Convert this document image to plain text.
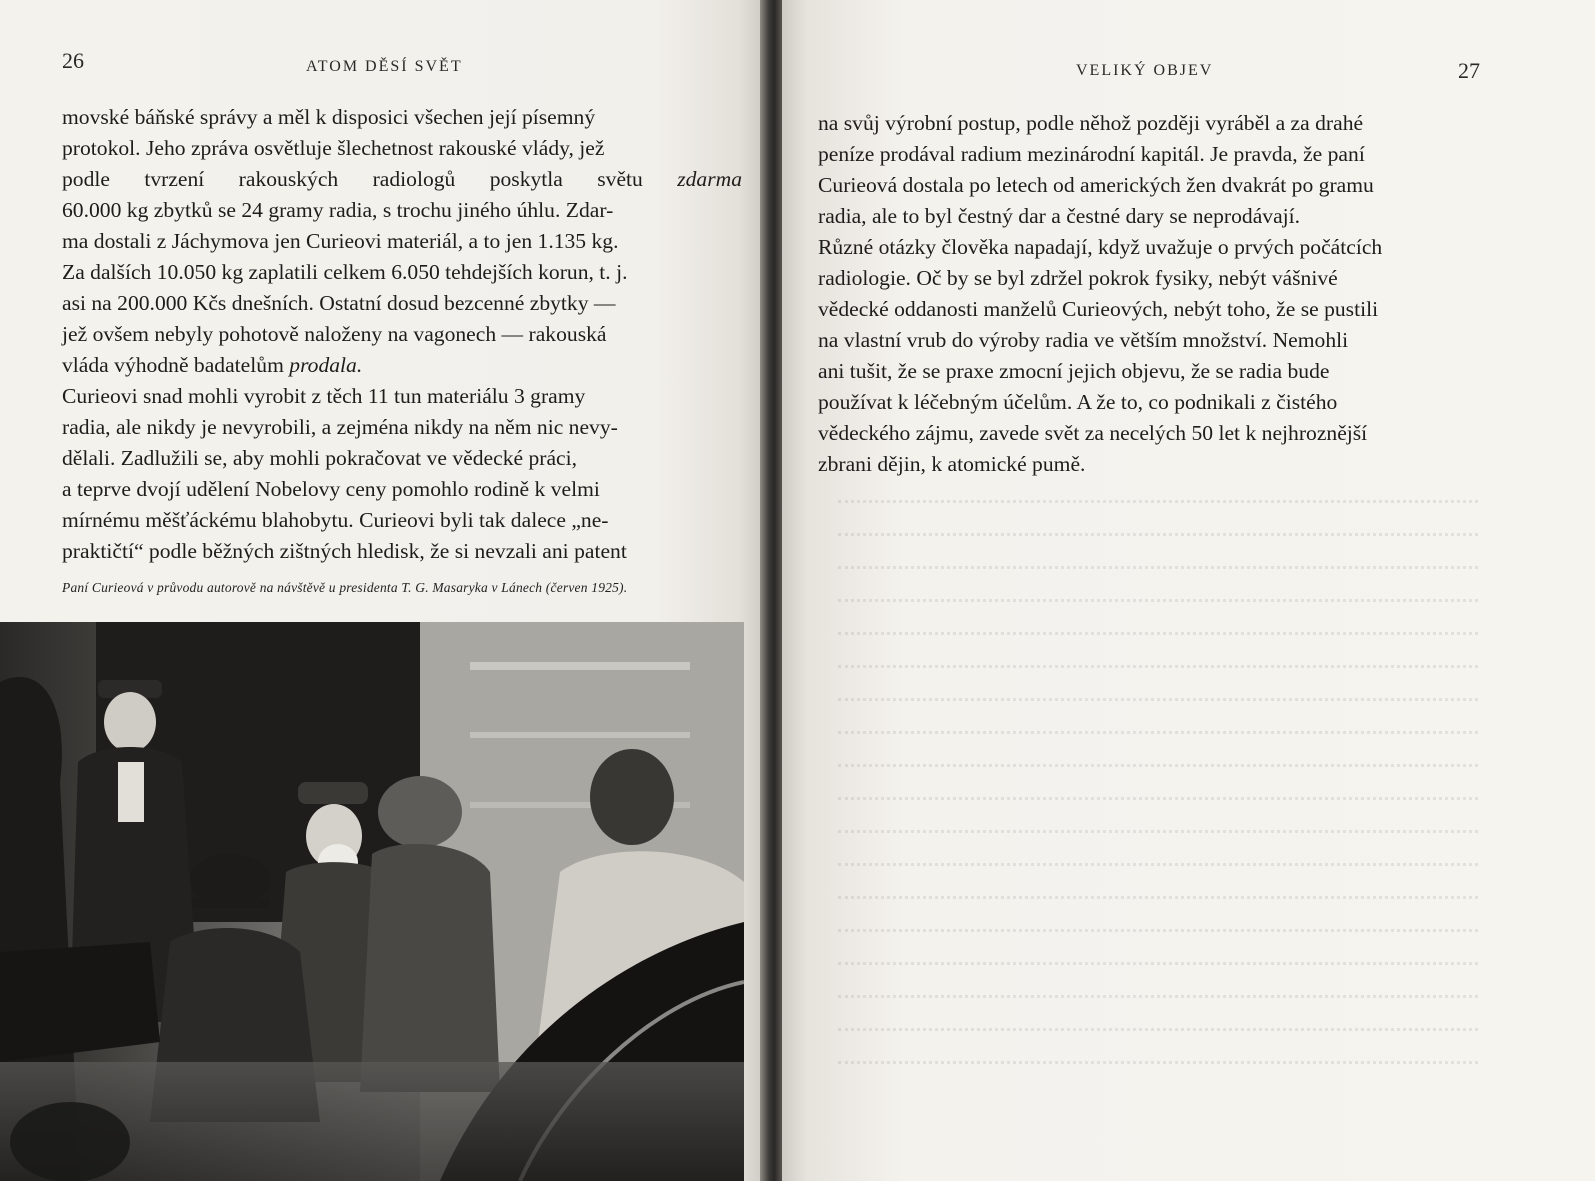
26	ATOM DĚSÍ SVĚT

movské báňské správy a měl k disposici všechen její písemný
protokol. Jeho zpráva osvětluje šlechetnost rakouské vlády, jež
podle tvrzení rakouských radiologů poskytla světu zdarma
60.000 kg zbytků se 24 gramy radia, s trochu jiného úhlu. Zdar-
ma dostali z Jáchymova jen Curieovi materiál, a to jen 1.135 kg.
Za dalších 10.050 kg zaplatili celkem 6.050 tehdejších korun, t. j.
asi na 200.000 Kčs dnešních. Ostatní dosud bezcenné zbytky —
jež ovšem nebyly pohotově naloženy na vagonech — rakouská
vláda výhodně badatelům prodala.

Curieovi snad mohli vyrobit z těch 11 tun materiálu 3 gramy
radia, ale nikdy je nevyrobili, a zejména nikdy na něm nic nevy-
dělali. Zadlužili se, aby mohli pokračovat ve vědecké práci,
a teprve dvojí udělení Nobelovy ceny pomohlo rodině k velmi
mírnému měšťáckému blahobytu. Curieovi byli tak dalece „ne-
praktičtí“ podle běžných zištných hledisk, že si nevzali ani patent

Paní Curieová v průvodu autorově na návštěvě u presidenta T. G. Masaryka v Lánech (červen 1925).
VELIKÝ OBJEV	27

na svůj výrobní postup, podle něhož později vyráběl a za drahé
peníze prodával radium mezinárodní kapitál. Je pravda, že paní
Curieová dostala po letech od amerických žen dvakrát po gramu
radia, ale to byl čestný dar a čestné dary se neprodávají.

Různé otázky člověka napadají, když uvažuje o prvých počátcích
radiologie. Oč by se byl zdržel pokrok fysiky, nebýt vášnivé
vědecké oddanosti manželů Curieových, nebýt toho, že se pustili
na vlastní vrub do výroby radia ve větším množství. Nemohli
ani tušit, že se praxe zmocní jejich objevu, že se radia bude
používat k léčebným účelům. A že to, co podnikali z čistého
vědeckého zájmu, zavede svět za necelých 50 let k nejhroznější
zbrani dějin, k atomické pumě.
